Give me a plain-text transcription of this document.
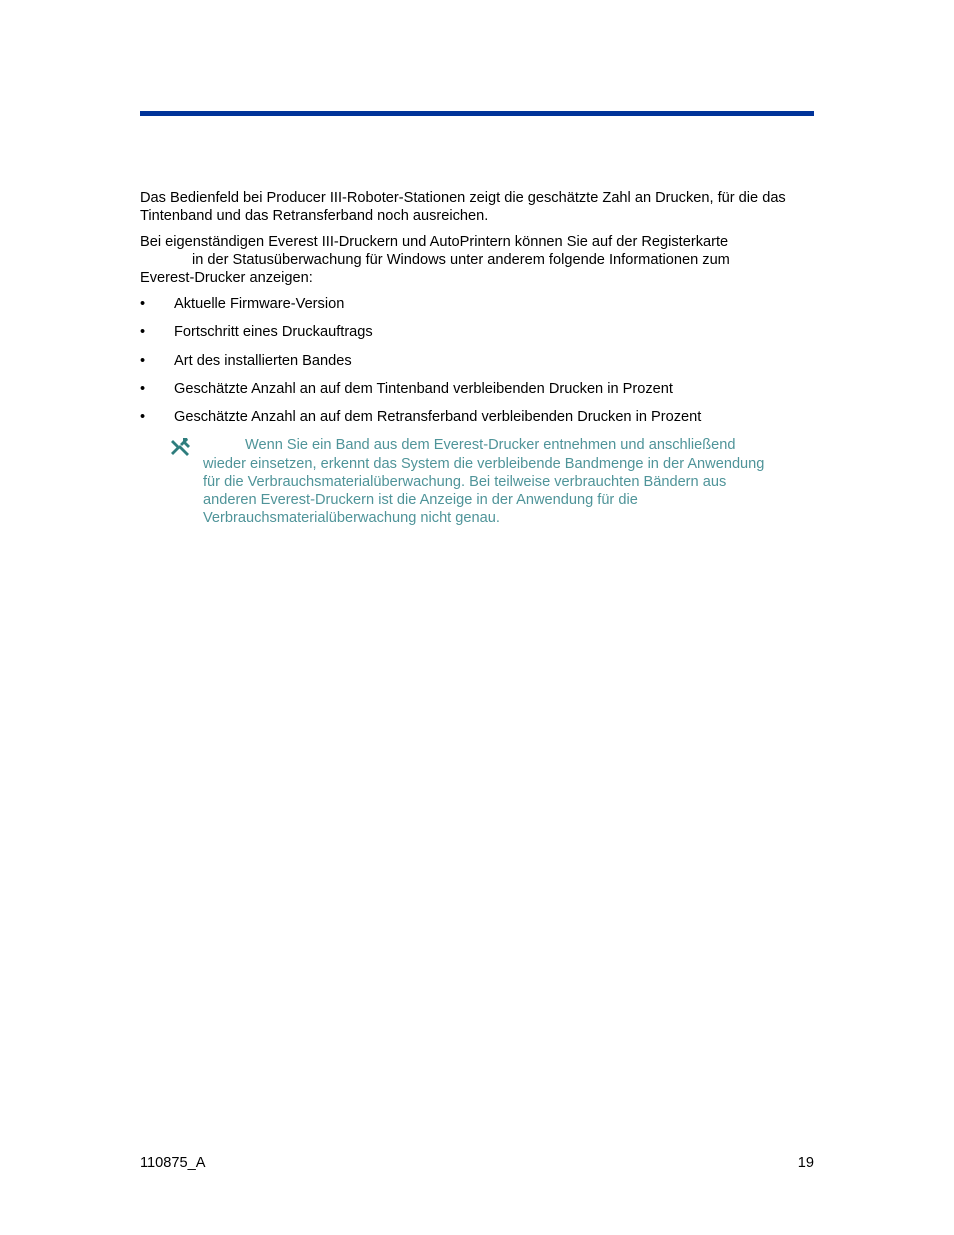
Das Bedienfeld bei Producer III-Roboter-Stationen zeigt die geschätzte Zahl an Drucken, für die das Tintenband und das Retransferband noch ausreichen.

Bei eigenständigen Everest III-Druckern und AutoPrintern können Sie auf der Registerkarte
in der Statusüberwachung für Windows unter anderem folgende Informationen zum
Everest-Drucker anzeigen:

•	Aktuelle Firmware-Version
•	Fortschritt eines Druckauftrags
•	Art des installierten Bandes
•	Geschätzte Anzahl an auf dem Tintenband verbleibenden Drucken in Prozent
•	Geschätzte Anzahl an auf dem Retransferband verbleibenden Drucken in Prozent
Wenn Sie ein Band aus dem Everest-Drucker entnehmen und anschließend
wieder einsetzen, erkennt das System die verbleibende Bandmenge in der Anwendung
für die Verbrauchsmaterialüberwachung. Bei teilweise verbrauchten Bändern aus
anderen Everest-Druckern ist die Anzeige in der Anwendung für die
Verbrauchsmaterialüberwachung nicht genau.
110875_A	19
